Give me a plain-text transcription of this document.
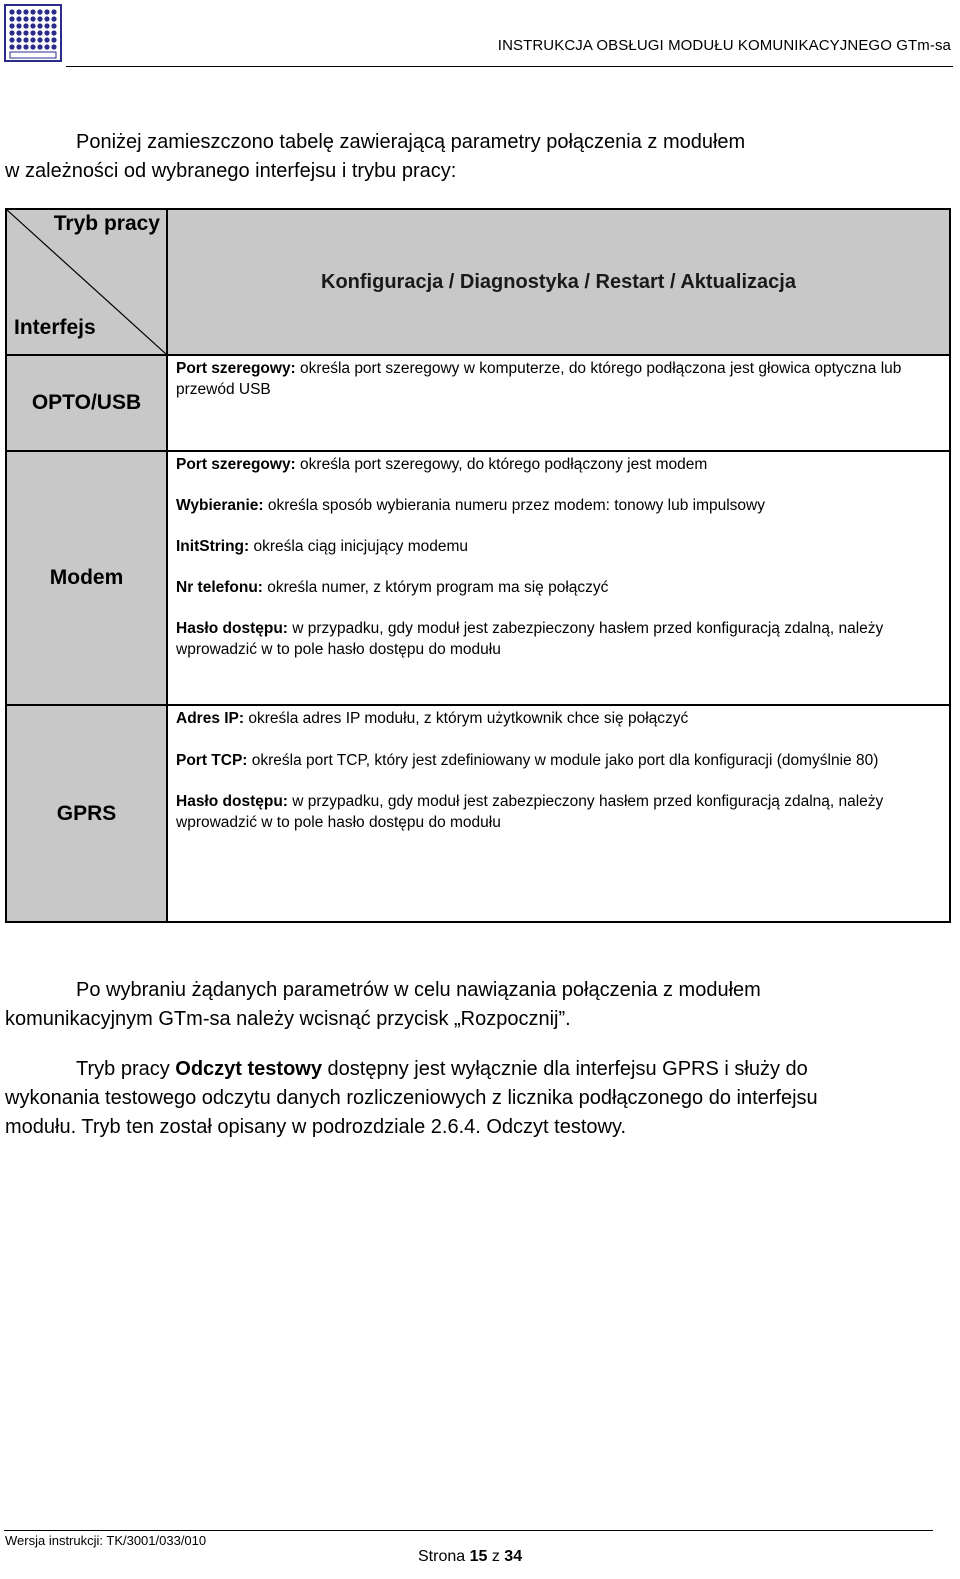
INSTRUKCJA OBSŁUGI MODUŁU KOMUNIKACYJNEGO GTm-sa
Poniżej zamieszczono tabelę zawierającą parametry połączenia z modułem
w zależności od wybranego interfejsu i trybu pracy:
Tryb pracy
Interfejs	Konfiguracja / Diagnostyka / Restart / Aktualizacja
OPTO/USB	Port szeregowy: określa port szeregowy w komputerze, do którego podłączona jest głowica optyczna lub przewód USB

Modem	Port szeregowy: określa port szeregowy, do którego podłączony jest modem

Wybieranie: określa sposób wybierania numeru przez modem: tonowy lub impulsowy

InitString: określa ciąg inicjujący modemu

Nr telefonu: określa numer, z którym program ma się połączyć

Hasło dostępu: w przypadku, gdy moduł jest zabezpieczony hasłem przed konfiguracją zdalną, należy wprowadzić w to pole hasło dostępu do modułu

GPRS	Adres IP: określa adres IP modułu, z którym użytkownik chce się połączyć

Port TCP: określa port TCP, który jest zdefiniowany w module jako port dla konfiguracji (domyślnie 80)

Hasło dostępu: w przypadku, gdy moduł jest zabezpieczony hasłem przed konfiguracją zdalną, należy wprowadzić w to pole hasło dostępu do modułu

Po wybraniu żądanych parametrów w celu nawiązania połączenia z modułem
komunikacyjnym GTm-sa należy wcisnąć przycisk „Rozpocznij”.
Tryb pracy Odczyt testowy dostępny jest wyłącznie dla interfejsu GPRS i służy do
wykonania testowego odczytu danych rozliczeniowych z licznika podłączonego do interfejsu
modułu. Tryb ten został opisany w podrozdziale 2.6.4. Odczyt testowy.
Wersja instrukcji: TK/3001/033/010
Strona 15 z 34
